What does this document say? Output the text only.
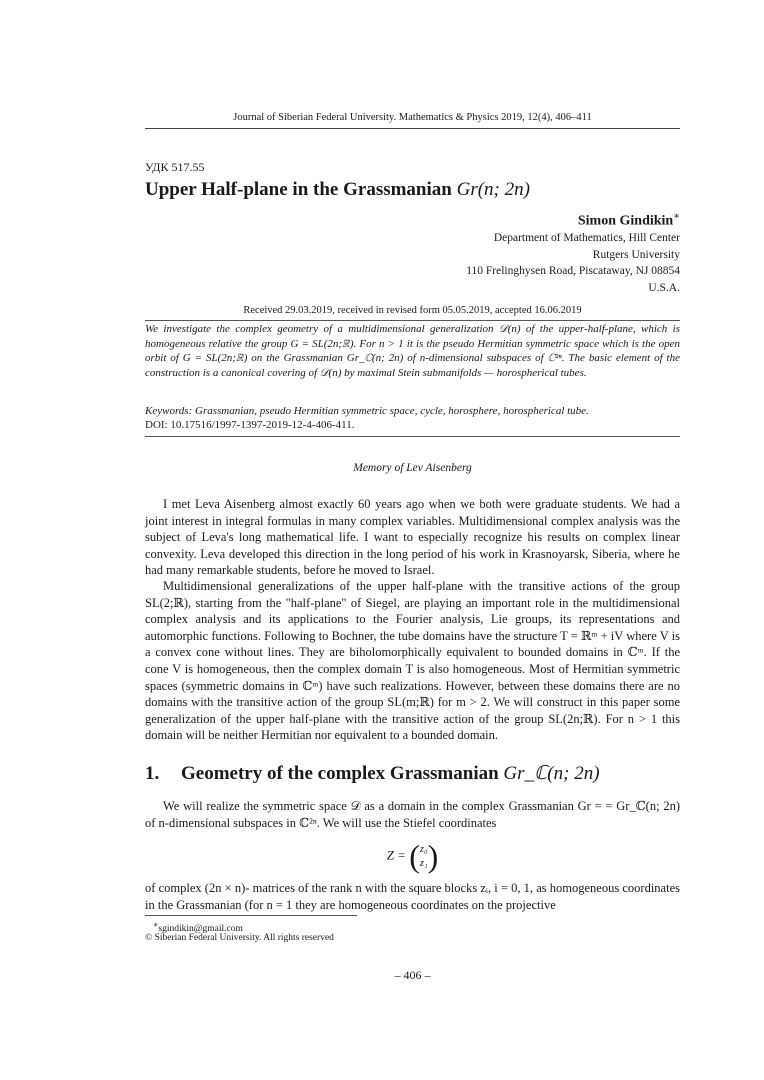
Journal of Siberian Federal University. Mathematics & Physics 2019, 12(4), 406–411
УДК 517.55
Upper Half-plane in the Grassmanian Gr(n; 2n)
Simon Gindikin∗
Department of Mathematics, Hill Center
Rutgers University
110 Frelinghysen Road, Piscataway, NJ 08854
U.S.A.
Received 29.03.2019, received in revised form 05.05.2019, accepted 16.06.2019
We investigate the complex geometry of a multidimensional generalization 𝒟(n) of the upper-half-plane, which is homogeneous relative the group G = SL(2n;ℝ). For n > 1 it is the pseudo Hermitian symmetric space which is the open orbit of G = SL(2n;ℝ) on the Grassmanian Gr_ℂ(n; 2n) of n-dimensional subspaces of ℂ²ⁿ. The basic element of the construction is a canonical covering of 𝒟(n) by maximal Stein submanifolds — horospherical tubes.
Keywords: Grassmanian, pseudo Hermitian symmetric space, cycle, horosphere, horospherical tube.
DOI: 10.17516/1997-1397-2019-12-4-406-411.
Memory of Lev Aisenberg

I met Leva Aisenberg almost exactly 60 years ago when we both were graduate students. We had a joint interest in integral formulas in many complex variables. Multidimensional complex analysis was the subject of Leva's long mathematical life. I want to especially recognize his results on complex linear convexity. Leva developed this direction in the long period of his work in Krasnoyarsk, Siberia, where he had many remarkable students, before he moved to Israel.

Multidimensional generalizations of the upper half-plane with the transitive actions of the group SL(2;ℝ), starting from the "half-plane" of Siegel, are playing an important role in the multidimensional complex analysis and its applications to the Fourier analysis, Lie groups, its representations and automorphic functions. Following to Bochner, the tube domains have the structure T = ℝᵐ + iV where V is a convex cone without lines. They are biholomorphically equivalent to bounded domains in ℂᵐ. If the cone V is homogeneous, then the complex domain T is also homogeneous. Most of Hermitian symmetric spaces (symmetric domains in ℂᵐ) have such realizations. However, between these domains there are no domains with the transitive action of the group SL(m;ℝ) for m > 2. We will construct in this paper some generalization of the upper half-plane with the transitive action of the group SL(2n;ℝ). For n > 1 this domain will be neither Hermitian nor equivalent to a bounded domain.

1. Geometry of the complex Grassmanian Gr_ℂ(n; 2n)

We will realize the symmetric space 𝒟 as a domain in the complex Grassmanian Gr = = Gr_ℂ(n; 2n) of n-dimensional subspaces in ℂ²ⁿ. We will use the Stiefel coordinates

Z = (z₀
z₁)
of complex (2n × n)- matrices of the rank n with the square blocks zᵢ, i = 0, 1, as homogeneous coordinates in the Grassmanian (for n = 1 they are homogeneous coordinates on the projective
∗sgindikin@gmail.com
© Siberian Federal University. All rights reserved
– 406 –
